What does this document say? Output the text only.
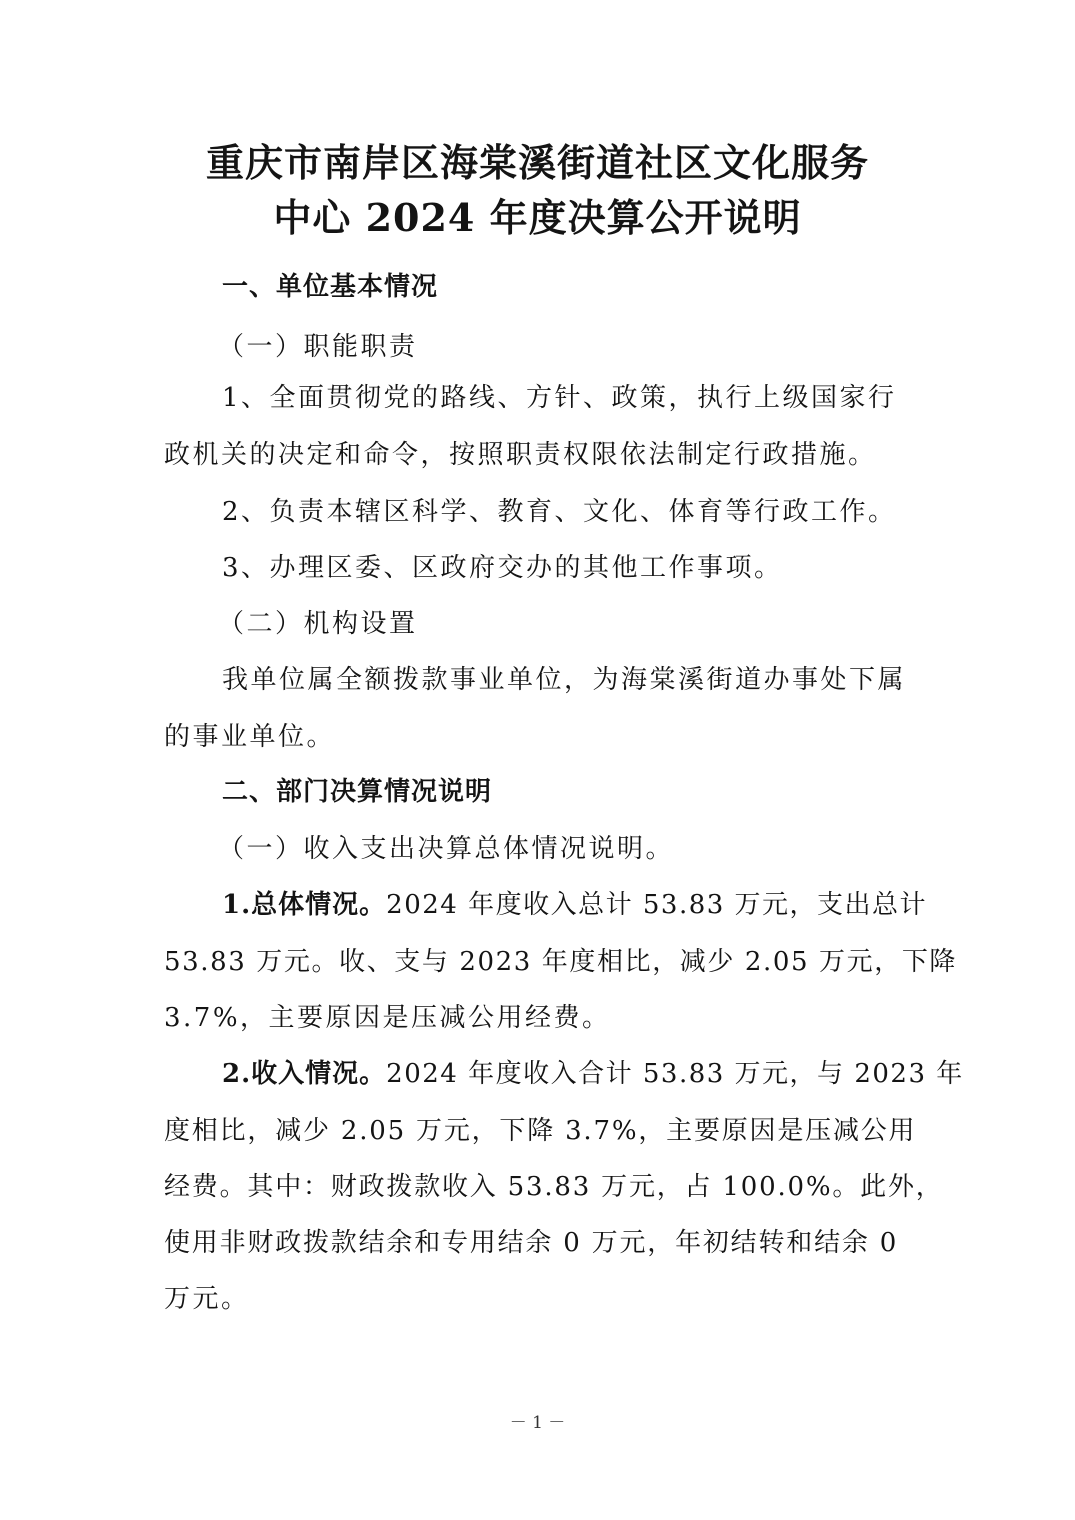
重庆市南岸区海棠溪街道社区文化服务
中心 2024 年度决算公开说明
一、单位基本情况
（一）职能职责
1、全面贯彻党的路线、方针、政策，执行上级国家行
政机关的决定和命令，按照职责权限依法制定行政措施。
2、负责本辖区科学、教育、文化、体育等行政工作。
3、办理区委、区政府交办的其他工作事项。
（二）机构设置
我单位属全额拨款事业单位，为海棠溪街道办事处下属
的事业单位。
二、部门决算情况说明
（一）收入支出决算总体情况说明。
1.总体情况。2024 年度收入总计 53.83 万元，支出总计
53.83 万元。收、支与 2023 年度相比，减少 2.05 万元，下降
3.7%，主要原因是压减公用经费。
2.收入情况。2024 年度收入合计 53.83 万元，与 2023 年
度相比，减少 2.05 万元，下降 3.7%，主要原因是压减公用
经费。其中：财政拨款收入 53.83 万元，占 100.0%。此外，
使用非财政拨款结余和专用结余 0 万元，年初结转和结余 0
万元。
－ 1 －
